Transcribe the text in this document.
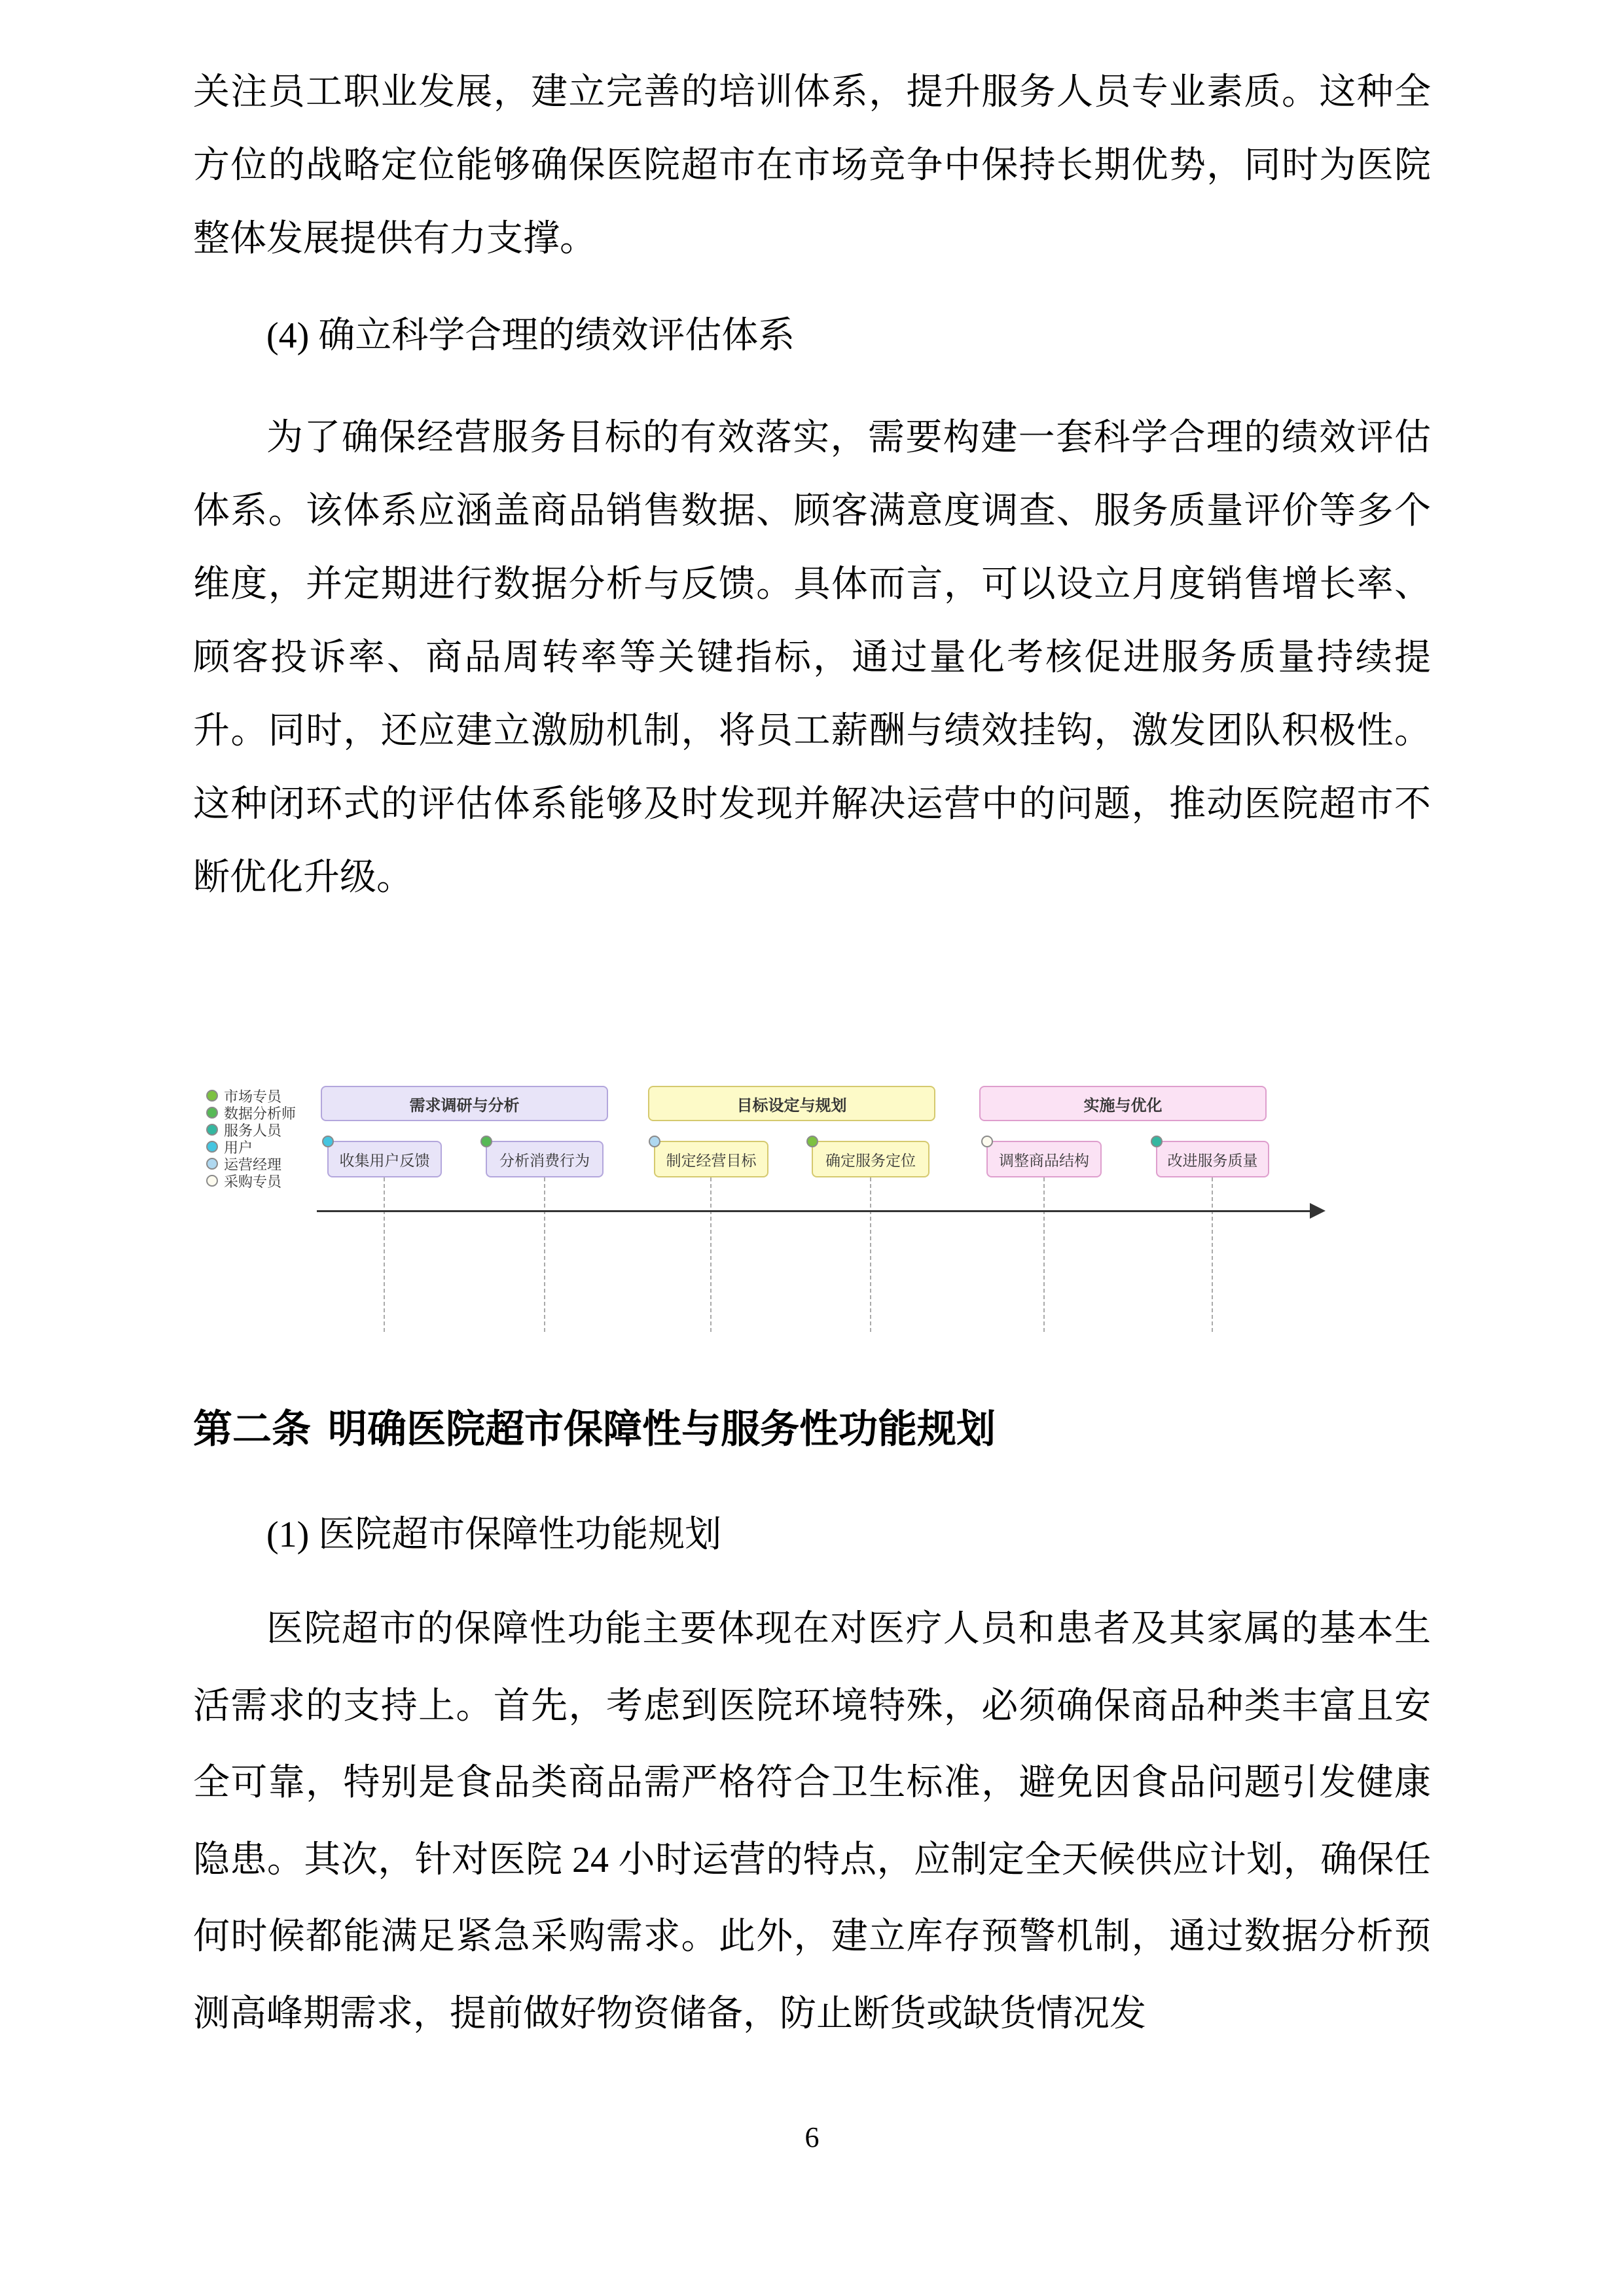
关注员工职业发展，建立完善的培训体系，提升服务人员专业素质。这种全方位的战略定位能够确保医院超市在市场竞争中保持长期优势，同时为医院整体发展提供有力支撑。

(4) 确立科学合理的绩效评估体系

为了确保经营服务目标的有效落实，需要构建一套科学合理的绩效评估体系。该体系应涵盖商品销售数据、顾客满意度调查、服务质量评价等多个维度，并定期进行数据分析与反馈。具体而言，可以设立月度销售增长率、顾客投诉率、商品周转率等关键指标，通过量化考核促进服务质量持续提升。同时，还应建立激励机制，将员工薪酬与绩效挂钩，激发团队积极性。这种闭环式的评估体系能够及时发现并解决运营中的问题，推动医院超市不断优化升级。

市场专员
数据分析师
服务人员
用户
运营经理
采购专员
需求调研与分析	目标设定与规划	实施与优化
收集用户反馈	分析消费行为	制定经营目标	确定服务定位	调整商品结构	改进服务质量
第二条 明确医院超市保障性与服务性功能规划

(1) 医院超市保障性功能规划

医院超市的保障性功能主要体现在对医疗人员和患者及其家属的基本生活需求的支持上。首先，考虑到医院环境特殊，必须确保商品种类丰富且安全可靠，特别是食品类商品需严格符合卫生标准，避免因食品问题引发健康隐患。其次，针对医院 24 小时运营的特点，应制定全天候供应计划，确保任何时候都能满足紧急采购需求。此外，建立库存预警机制，通过数据分析预测高峰期需求，提前做好物资储备，防止断货或缺货情况发

6
